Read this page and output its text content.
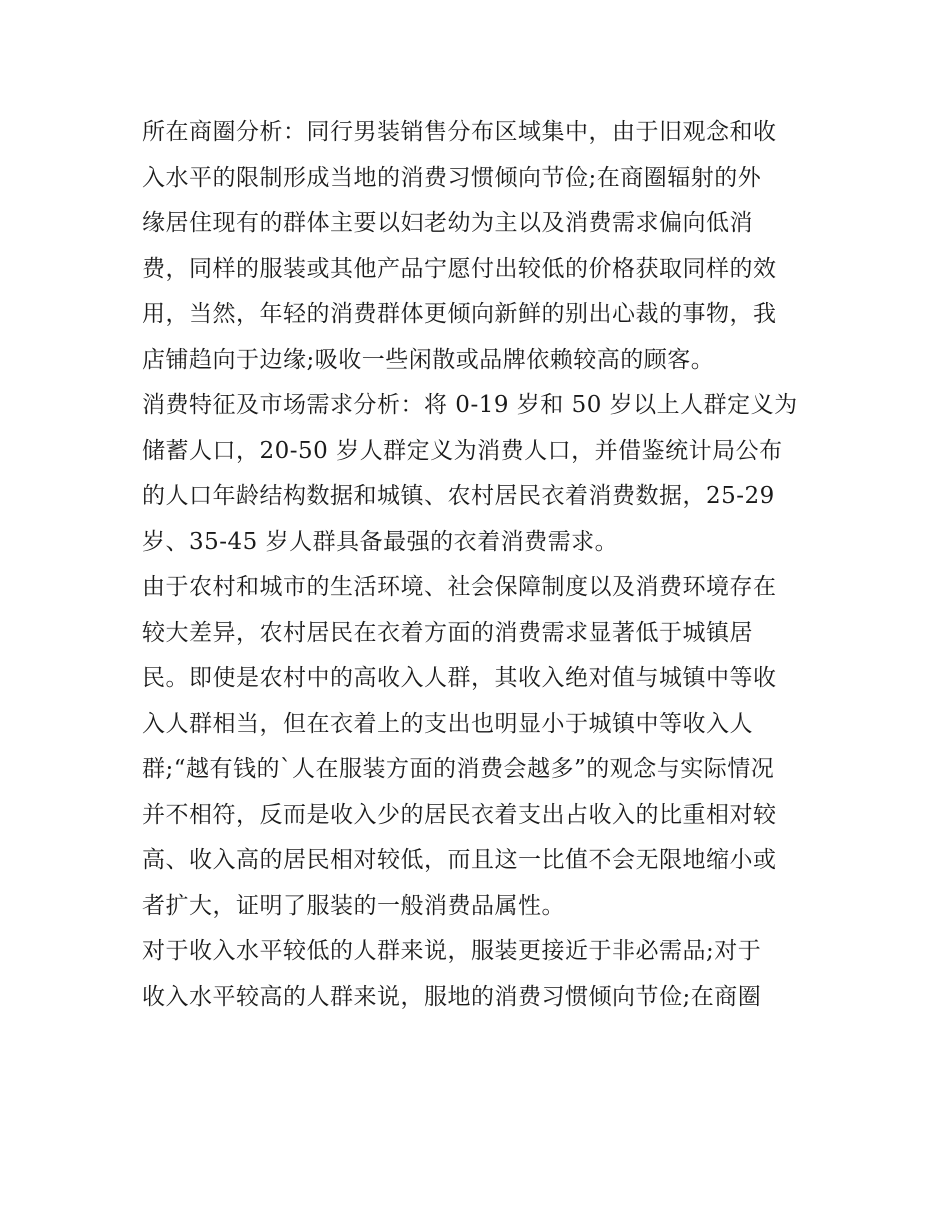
所在商圈分析：同行男装销售分布区域集中，由于旧观念和收
入水平的限制形成当地的消费习惯倾向节俭;在商圈辐射的外
缘居住现有的群体主要以妇老幼为主以及消费需求偏向低消
费，同样的服装或其他产品宁愿付出较低的价格获取同样的效
用，当然，年轻的消费群体更倾向新鲜的别出心裁的事物，我
店铺趋向于边缘;吸收一些闲散或品牌依赖较高的顾客。
消费特征及市场需求分析：将 0-19 岁和 50 岁以上人群定义为
储蓄人口，20-50 岁人群定义为消费人口，并借鉴统计局公布
的人口年龄结构数据和城镇、农村居民衣着消费数据，25-29
岁、35-45 岁人群具备最强的衣着消费需求。
由于农村和城市的生活环境、社会保障制度以及消费环境存在
较大差异，农村居民在衣着方面的消费需求显著低于城镇居
民。即使是农村中的高收入人群，其收入绝对值与城镇中等收
入人群相当，但在衣着上的支出也明显小于城镇中等收入人
群;“越有钱的`人在服装方面的消费会越多”的观念与实际情况
并不相符，反而是收入少的居民衣着支出占收入的比重相对较
高、收入高的居民相对较低，而且这一比值不会无限地缩小或
者扩大，证明了服装的一般消费品属性。
对于收入水平较低的人群来说，服装更接近于非必需品;对于
收入水平较高的人群来说，服地的消费习惯倾向节俭;在商圈
